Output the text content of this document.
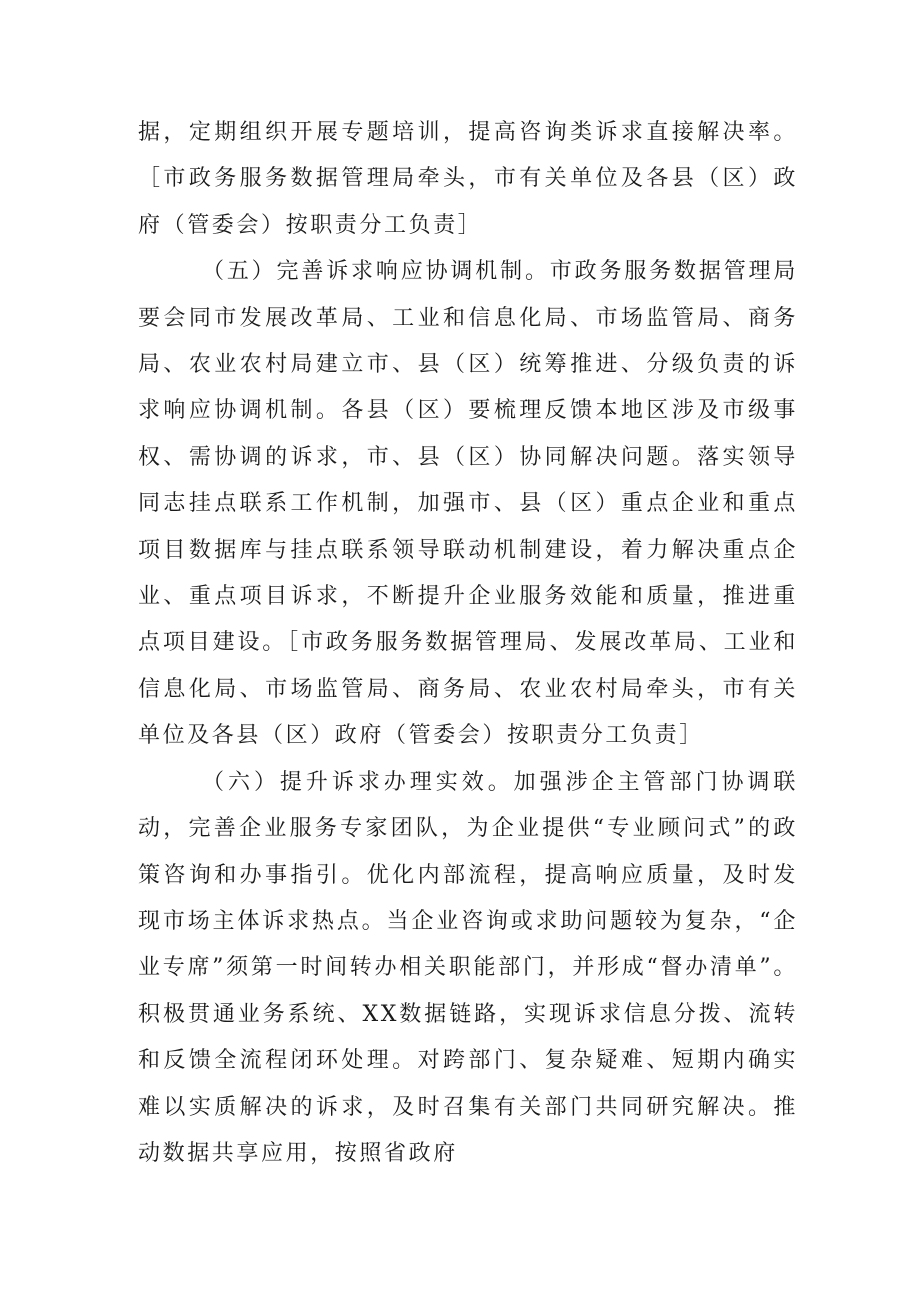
据，定期组织开展专题培训，提高咨询类诉求直接解决率。［市政务服务数据管理局牵头，市有关单位及各县（区）政府（管委会）按职责分工负责］

（五）完善诉求响应协调机制。市政务服务数据管理局要会同市发展改革局、工业和信息化局、市场监管局、商务局、农业农村局建立市、县（区）统筹推进、分级负责的诉求响应协调机制。各县（区）要梳理反馈本地区涉及市级事权、需协调的诉求，市、县（区）协同解决问题。落实领导同志挂点联系工作机制，加强市、县（区）重点企业和重点项目数据库与挂点联系领导联动机制建设，着力解决重点企业、重点项目诉求，不断提升企业服务效能和质量，推进重点项目建设。［市政务服务数据管理局、发展改革局、工业和信息化局、市场监管局、商务局、农业农村局牵头，市有关单位及各县（区）政府（管委会）按职责分工负责］

（六）提升诉求办理实效。加强涉企主管部门协调联动，完善企业服务专家团队，为企业提供“专业顾问式”的政策咨询和办事指引。优化内部流程，提高响应质量，及时发现市场主体诉求热点。当企业咨询或求助问题较为复杂，“企业专席”须第一时间转办相关职能部门，并形成“督办清单”。积极贯通业务系统、XX数据链路，实现诉求信息分拨、流转和反馈全流程闭环处理。对跨部门、复杂疑难、短期内确实难以实质解决的诉求，及时召集有关部门共同研究解决。推动数据共享应用，按照省政府
